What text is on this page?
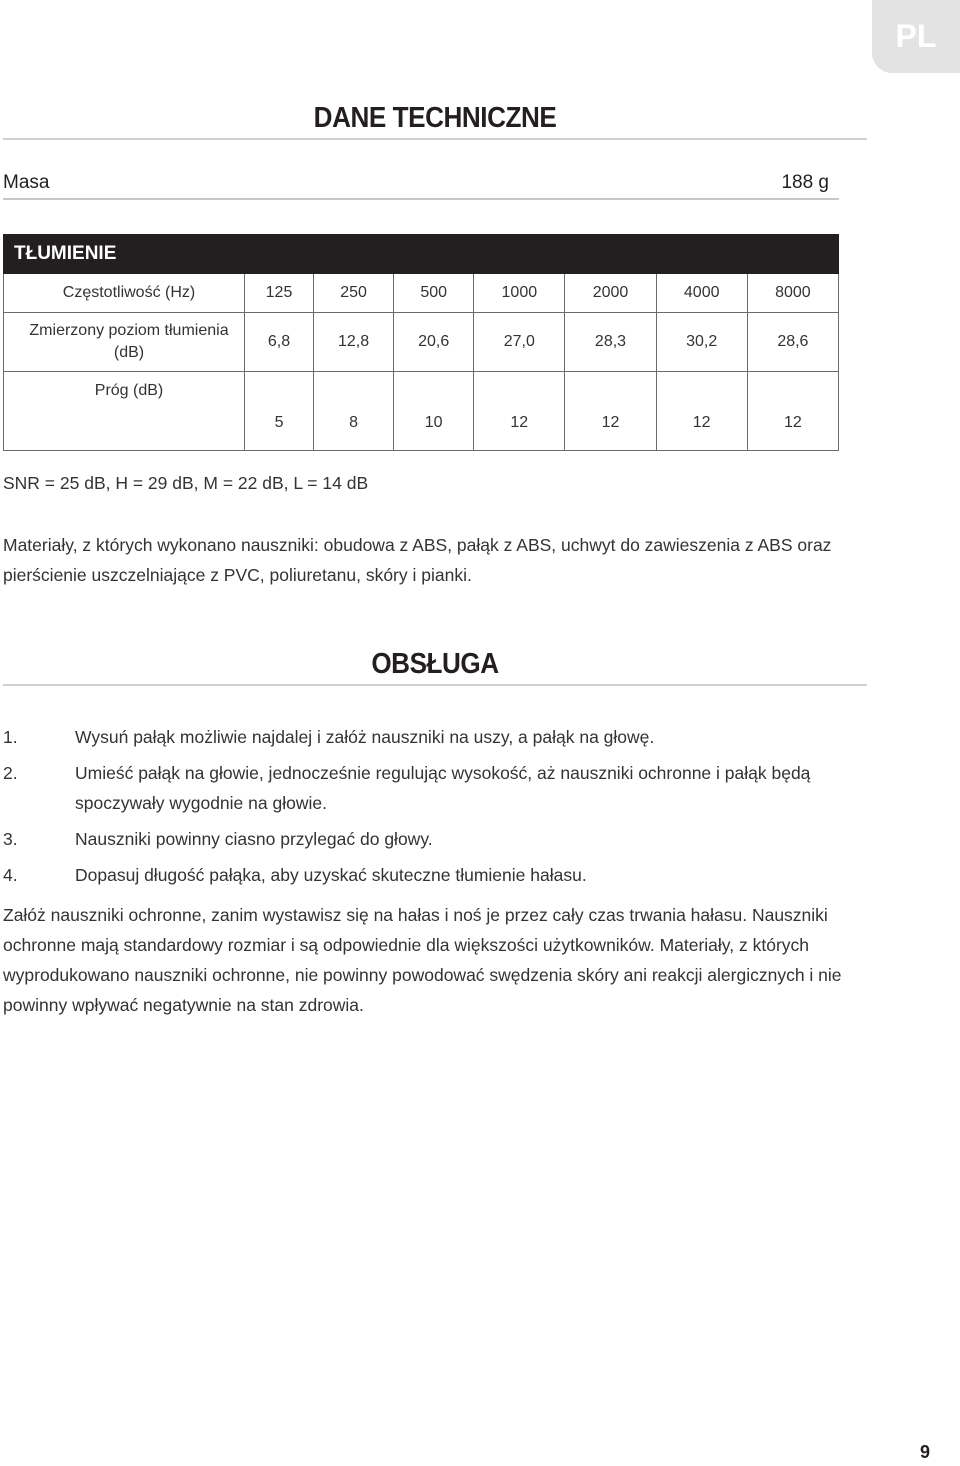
PL
DANE TECHNICZNE
Masa	188 g
TŁUMIENIE							
Częstotliwość (Hz)	125	250	500	1000	2000	4000	8000
Zmierzony poziom tłumienia (dB)	6,8	12,8	20,6	27,0	28,3	30,2	28,6
Próg (dB)	5	8	10	12	12	12	12
SNR = 25 dB, H = 29 dB, M = 22 dB, L = 14 dB
Materiały, z których wykonano nauszniki: obudowa z ABS, pałąk z ABS, uchwyt do zawieszenia z ABS oraz pierścienie uszczelniające z PVC, poliuretanu, skóry i pianki.
OBSŁUGA
1.	Wysuń pałąk możliwie najdalej i załóż nauszniki na uszy, a pałąk na głowę.
2.	Umieść pałąk na głowie, jednocześnie regulując wysokość, aż nauszniki ochronne i pałąk będą spoczywały wygodnie na głowie.
3.	Nauszniki powinny ciasno przylegać do głowy.
4.	Dopasuj długość pałąka, aby uzyskać skuteczne tłumienie hałasu.
Załóż nauszniki ochronne, zanim wystawisz się na hałas i noś je przez cały czas trwania hałasu. Nauszniki ochronne mają standardowy rozmiar i są odpowiednie dla większości użytkowników. Materiały, z których wyprodukowano nauszniki ochronne, nie powinny powodować swędzenia skóry ani reakcji alergicznych i nie powinny wpływać negatywnie na stan zdrowia.
9
